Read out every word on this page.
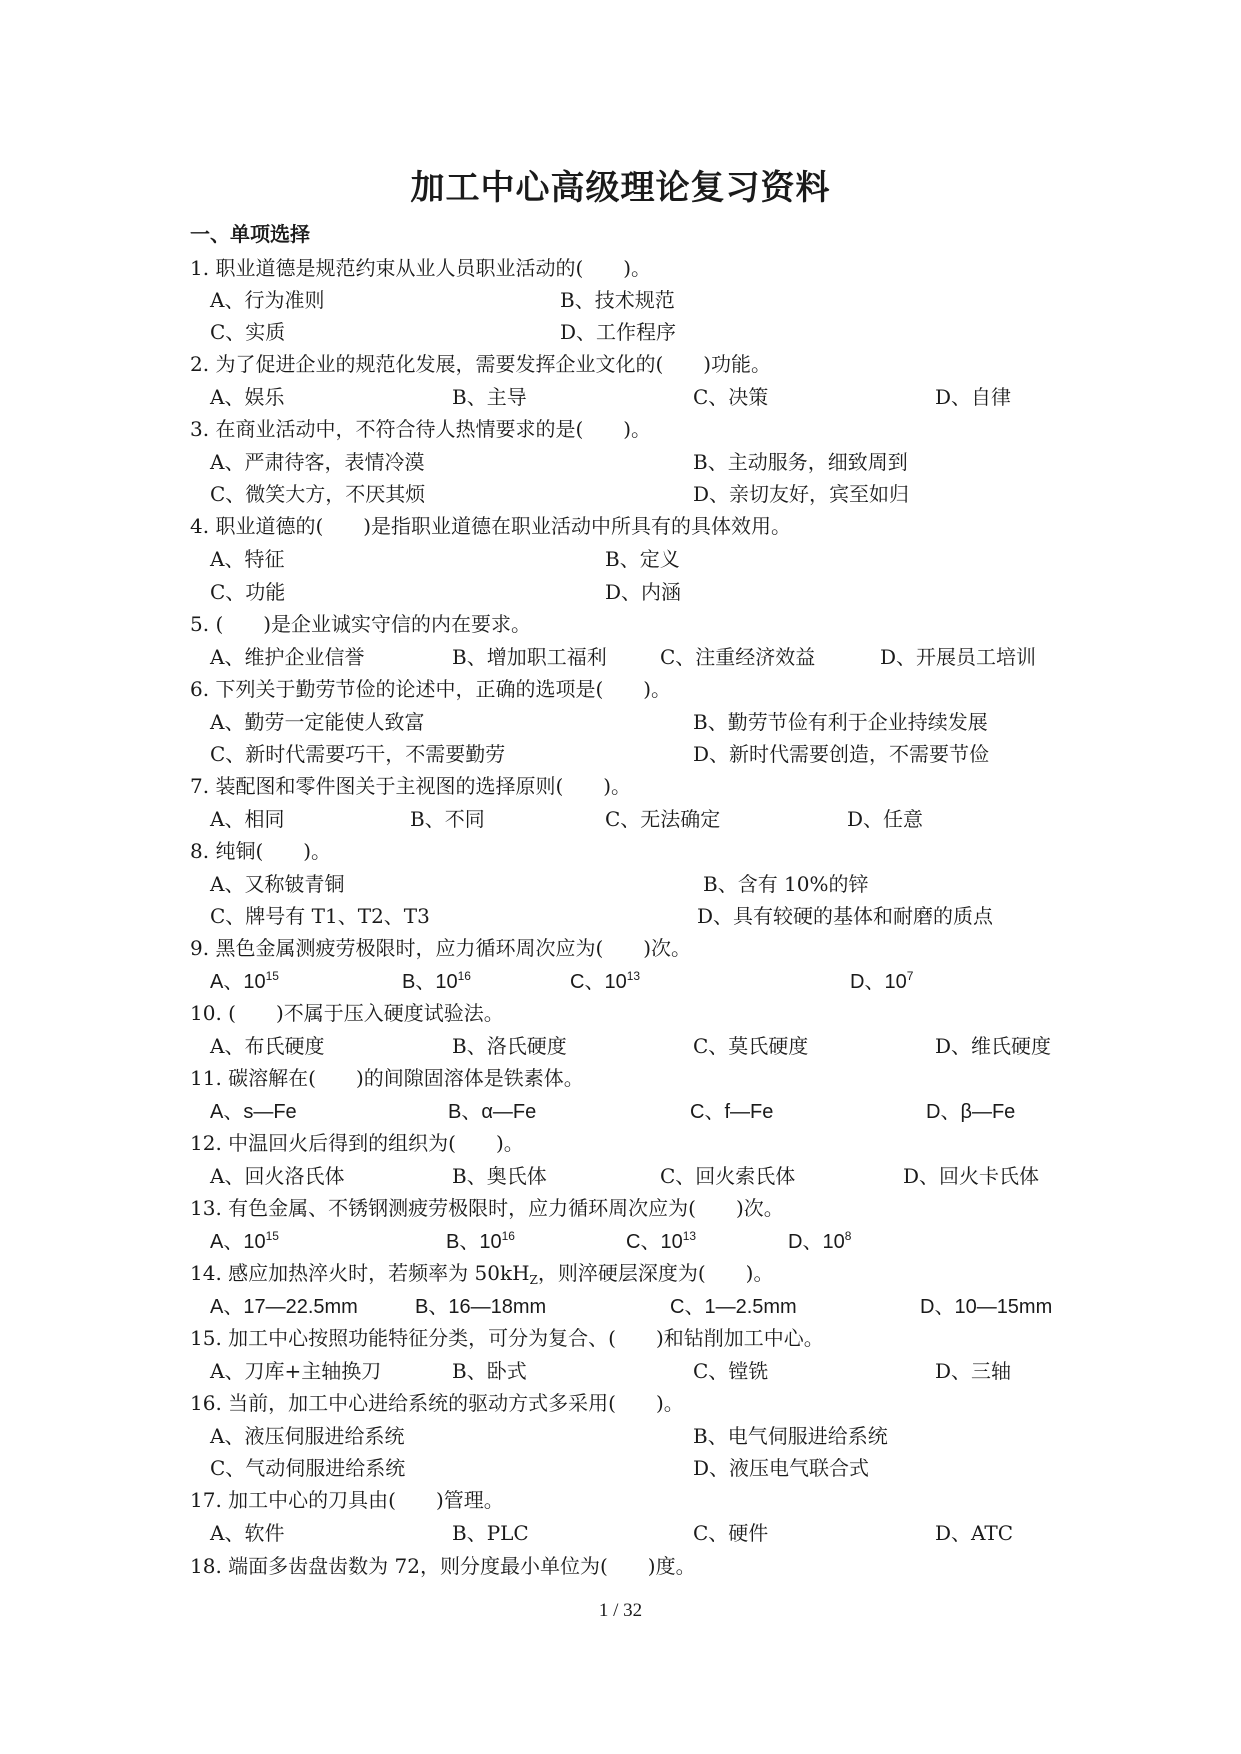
加工中心高级理论复习资料
一、单项选择
1. 职业道德是规范约束从业人员职业活动的(　　)。
A、行为准则	B、技术规范
C、实质	D、工作程序
2. 为了促进企业的规范化发展，需要发挥企业文化的(　　)功能。
A、娱乐	B、主导	C、决策	D、自律
3. 在商业活动中，不符合待人热情要求的是(　　)。
A、严肃待客，表情冷漠	B、主动服务，细致周到
C、微笑大方，不厌其烦	D、亲切友好，宾至如归
4. 职业道德的(　　)是指职业道德在职业活动中所具有的具体效用。
A、特征	B、定义
C、功能	D、内涵
5. (　　)是企业诚实守信的内在要求。
A、维护企业信誉	B、增加职工福利	C、注重经济效益	D、开展员工培训
6. 下列关于勤劳节俭的论述中，正确的选项是(　　)。
A、勤劳一定能使人致富	B、勤劳节俭有利于企业持续发展
C、新时代需要巧干，不需要勤劳	D、新时代需要创造，不需要节俭
7. 装配图和零件图关于主视图的选择原则(　　)。
A、相同	B、不同	C、无法确定	D、任意
8. 纯铜(　　)。
A、又称铍青铜	B、含有 10%的锌
C、牌号有 T1、T2、T3	D、具有较硬的基体和耐磨的质点
9. 黑色金属测疲劳极限时，应力循环周次应为(　　)次。
A、$10^{15}$	B、$10^{16}$	C、$10^{13}$	D、$10^7$
10. (　　)不属于压入硬度试验法。
A、布氏硬度	B、洛氏硬度	C、莫氏硬度	D、维氏硬度
11. 碳溶解在(　　)的间隙固溶体是铁素体。
A、s—Fe	B、α—Fe	C、f—Fe	D、β—Fe
12. 中温回火后得到的组织为(　　)。
A、回火洛氏体	B、奥氏体	C、回火索氏体	D、回火卡氏体
13. 有色金属、不锈钢测疲劳极限时，应力循环周次应为(　　)次。
A、$10^{15}$	B、$10^{16}$	C、$10^{13}$	D、$10^8$
14. 感应加热淬火时，若频率为 $50kH_Z$，则淬硬层深度为(　　)。
A、17—22.5mm	B、16—18mm	C、1—2.5mm	D、10—15mm
15. 加工中心按照功能特征分类，可分为复合、(　　)和钻削加工中心。
A、刀库+主轴换刀	B、卧式	C、镗铣	D、三轴
16. 当前，加工中心进给系统的驱动方式多采用(　　)。
A、液压伺服进给系统	B、电气伺服进给系统
C、气动伺服进给系统	D、液压电气联合式
17. 加工中心的刀具由(　　)管理。
A、软件	B、PLC	C、硬件	D、ATC
18. 端面多齿盘齿数为 72，则分度最小单位为(　　)度。
1 / 32
